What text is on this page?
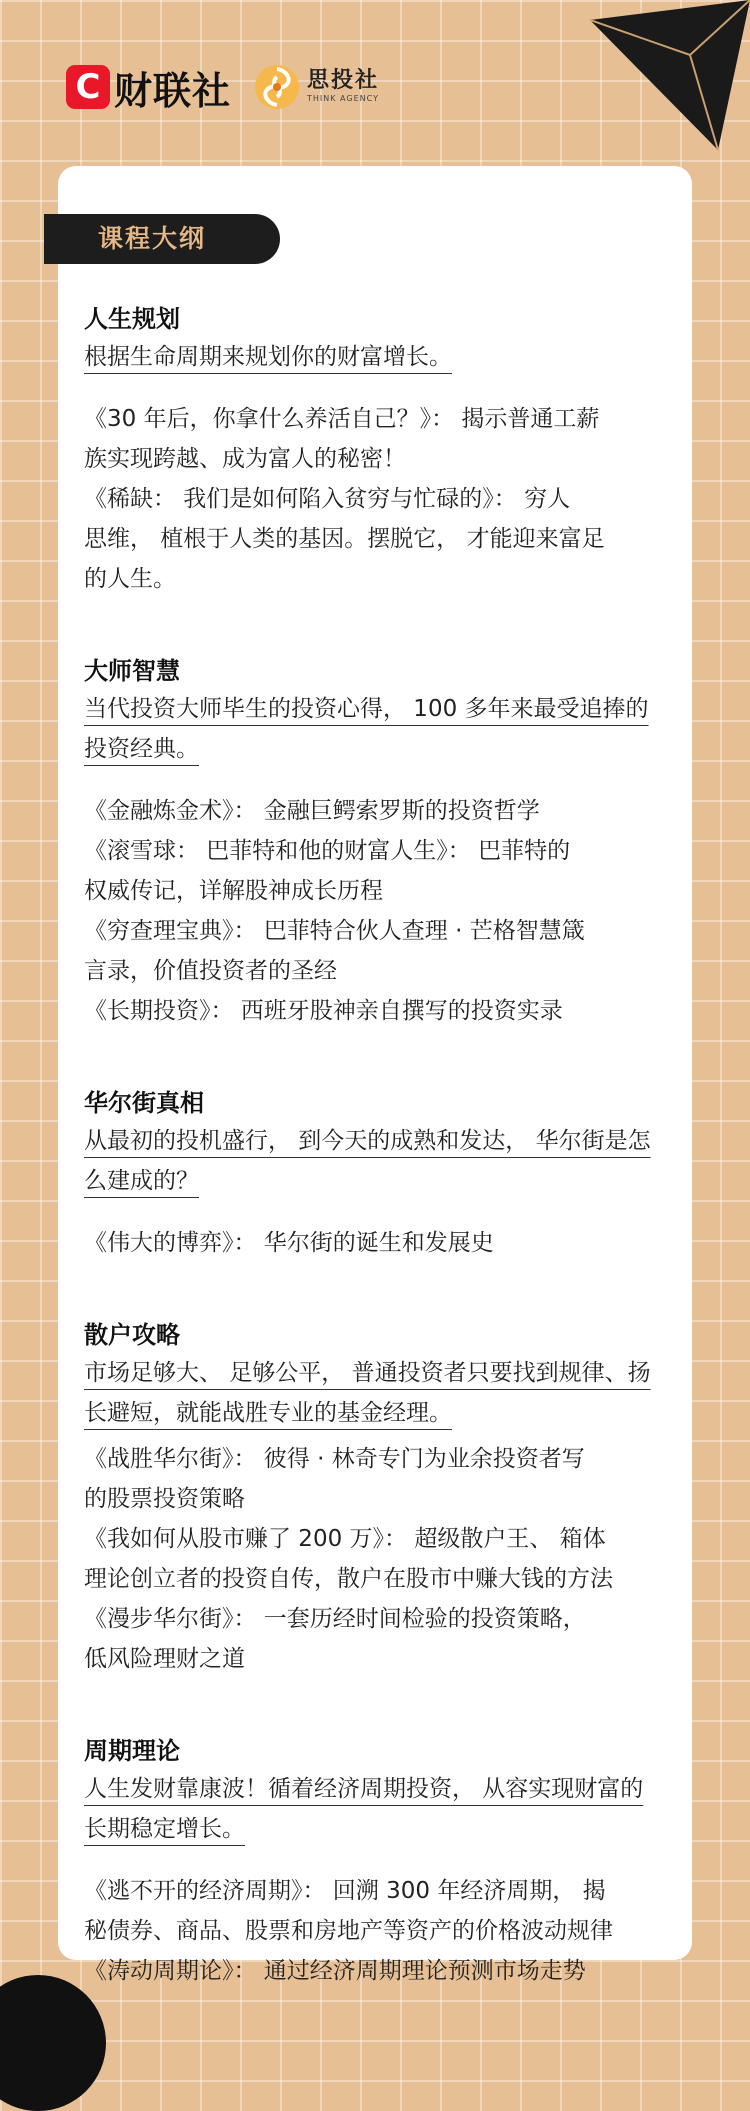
C 财联社	思投社
THINK AGENCY
课程大纲
人生规划
根据生命周期来规划你的财富增长。
《30 年后，你拿什么养活自己？》： 揭示普通工薪
族实现跨越、成为富人的秘密！
《稀缺： 我们是如何陷入贫穷与忙碌的》： 穷人
思维， 植根于人类的基因。摆脱它， 才能迎来富足
的人生。
大师智慧
当代投资大师毕生的投资心得， 100 多年来最受追捧的投资经典。
《金融炼金术》： 金融巨鳄索罗斯的投资哲学
《滚雪球： 巴菲特和他的财富人生》： 巴菲特的
权威传记，详解股神成长历程
《穷查理宝典》： 巴菲特合伙人查理 · 芒格智慧箴
言录，价值投资者的圣经
《长期投资》： 西班牙股神亲自撰写的投资实录
华尔街真相
从最初的投机盛行， 到今天的成熟和发达， 华尔街是怎么建成的？
《伟大的博弈》： 华尔街的诞生和发展史
散户攻略
市场足够大、 足够公平， 普通投资者只要找到规律、扬长避短，就能战胜专业的基金经理。
《战胜华尔街》： 彼得 · 林奇专门为业余投资者写
的股票投资策略
《我如何从股市赚了 200 万》： 超级散户王、 箱体
理论创立者的投资自传，散户在股市中赚大钱的方法
《漫步华尔街》： 一套历经时间检验的投资策略，
低风险理财之道
周期理论
人生发财靠康波！循着经济周期投资， 从容实现财富的长期稳定增长。
《逃不开的经济周期》： 回溯 300 年经济周期， 揭
秘债券、商品、股票和房地产等资产的价格波动规律
《涛动周期论》： 通过经济周期理论预测市场走势
